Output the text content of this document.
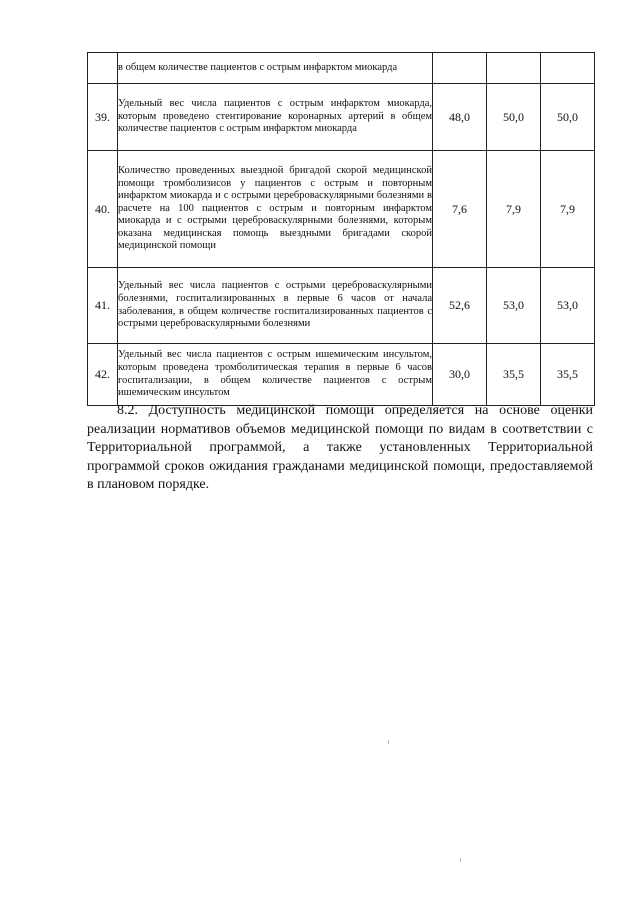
	в общем количестве пациентов с острым инфарктом миокарда			
39.	Удельный вес числа пациентов с острым инфарктом миокарда, которым проведено стентирование коронарных артерий в общем количестве пациентов с острым инфарктом миокарда	48,0	50,0	50,0
40.	Количество проведенных выездной бригадой скорой медицинской помощи тромболизисов у пациентов с острым и повторным инфарктом миокарда и с острыми цереброваскулярными болезнями в расчете на 100 пациентов с острым и повторным инфарктом миокарда и с острыми цереброваскулярными болезнями, которым оказана медицинская помощь выездными бригадами скорой медицинской помощи	7,6	7,9	7,9
41.	Удельный вес числа пациентов с острыми цереброваскулярными болезнями, госпитализированных в первые 6 часов от начала заболевания, в общем количестве госпитализированных пациентов с острыми цереброваскулярными болезнями	52,6	53,0	53,0
42.	Удельный вес числа пациентов с острым ишемическим инсультом, которым проведена тромболитическая терапия в первые 6 часов госпитализации, в общем количестве пациентов с острым ишемическим инсультом	30,0	35,5	35,5

8.2. Доступность медицинской помощи определяется на основе оценки реализации нормативов объемов медицинской помощи по видам в соответствии с Территориальной программой, а также установленных Территориальной программой сроков ожидания гражданами медицинской помощи, предоставляемой в плановом порядке.
